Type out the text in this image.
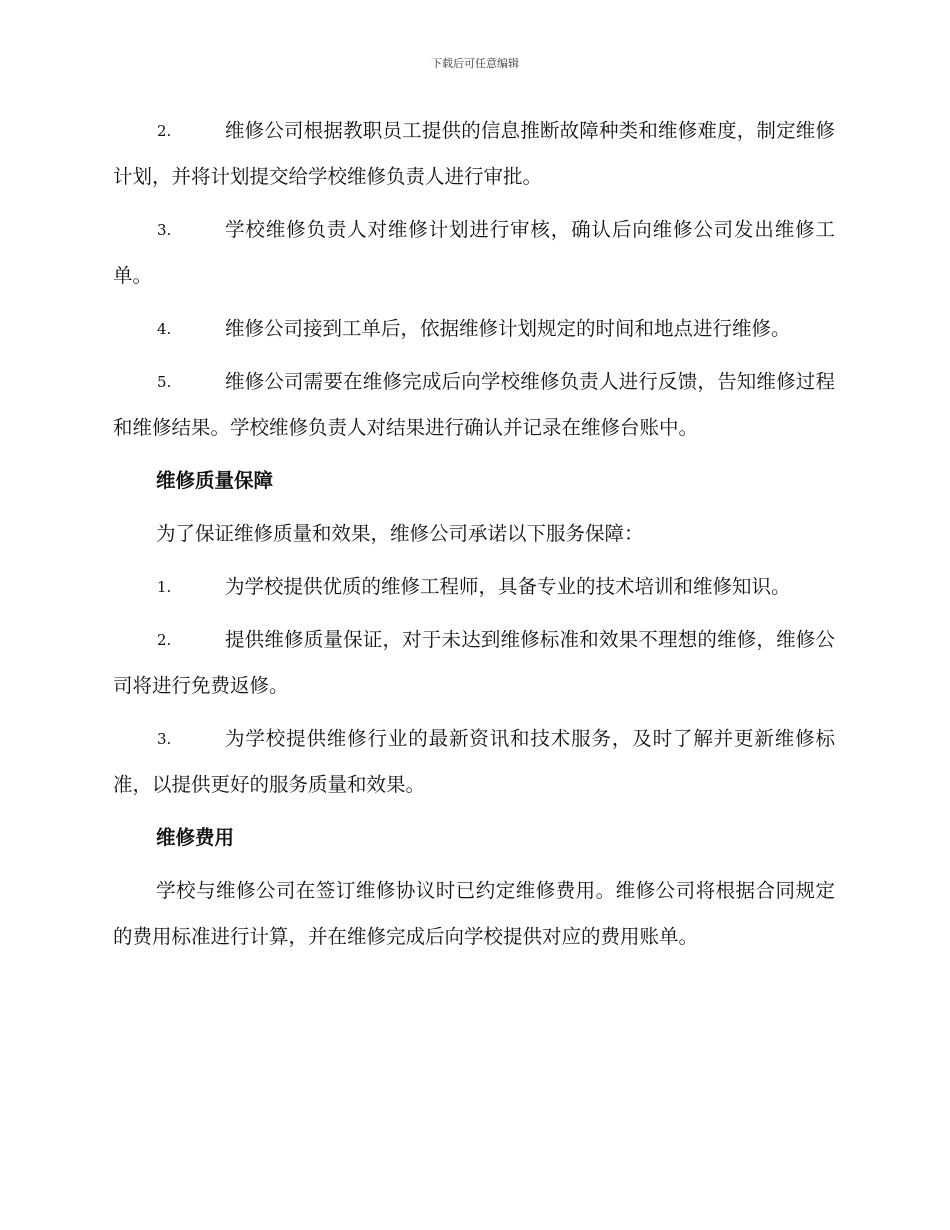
下载后可任意编辑
2.	维修公司根据教职员工提供的信息推断故障种类和维修难度，制定维修计划，并将计划提交给学校维修负责人进行审批。
3.	学校维修负责人对维修计划进行审核，确认后向维修公司发出维修工单。
4.	维修公司接到工单后，依据维修计划规定的时间和地点进行维修。
5.	维修公司需要在维修完成后向学校维修负责人进行反馈，告知维修过程和维修结果。学校维修负责人对结果进行确认并记录在维修台账中。
维修质量保障
为了保证维修质量和效果，维修公司承诺以下服务保障：
1.	为学校提供优质的维修工程师，具备专业的技术培训和维修知识。
2.	提供维修质量保证，对于未达到维修标准和效果不理想的维修，维修公司将进行免费返修。
3.	为学校提供维修行业的最新资讯和技术服务，及时了解并更新维修标准，以提供更好的服务质量和效果。
维修费用
学校与维修公司在签订维修协议时已约定维修费用。维修公司将根据合同规定的费用标准进行计算，并在维修完成后向学校提供对应的费用账单。
